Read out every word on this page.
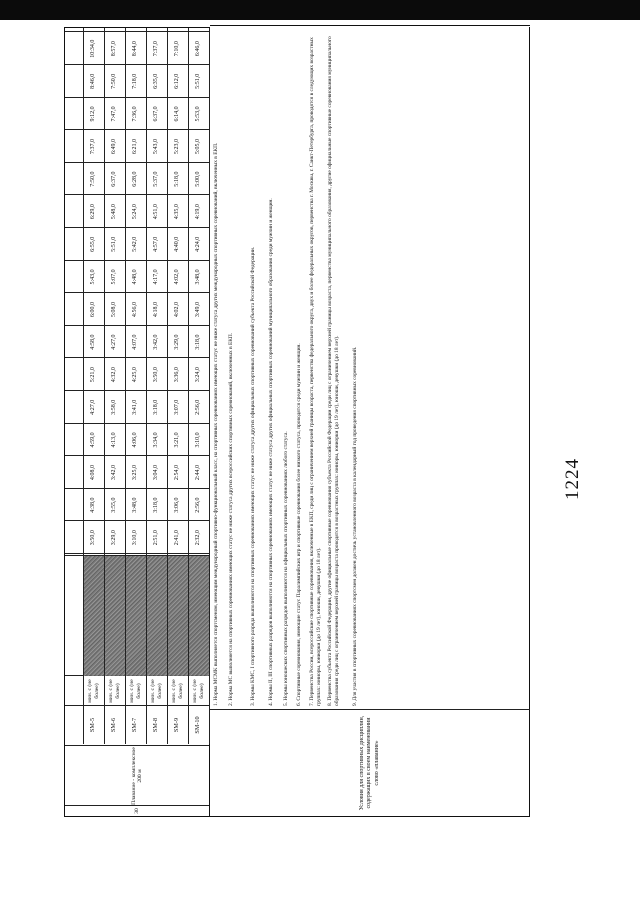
1224
30
Плавание - комплексное 200 м
SM-5
мин. с (не более)
3:50,0
4:38,0
4:08,0
4:59,0
4:27,0
5:21,0
4:58,0
6:00,0
5:43,0
6:55,0
6:29,0
7:50,0
7:37,0
9:12,0
8:46,0
10:34,0
SM-6
мин. с (не более)
3:29,0
3:55,0
3:42,0
4:13,0
3:58,0
4:32,0
4:27,0
5:08,0
5:07,0
5:51,0
5:48,0
6:37,0
6:49,0
7:47,0
7:50,0
8:57,0
SM-7
мин. с (не более)
3:10,0
3:48,0
3:25,0
4:06,0
3:41,0
4:25,0
4:07,0
4:56,0
4:48,0
5:42,0
5:24,0
6:28,0
6:21,0
7:36,0
7:18,0
8:44,0
SM-8
мин. с (не более)
2:51,0
3:18,0
3:04,0
3:34,0
3:18,0
3:50,0
3:42,0
4:18,0
4:17,0
4:57,0
4:51,0
5:37,0
5:43,0
6:37,0
6:35,0
7:37,0
SM-9
мин. с (не более)
2:41,0
3:06,0
2:54,0
3:21,0
3:07,0
3:36,0
3:29,0
4:02,0
4:02,0
4:40,0
4:35,0
5:18,0
5:23,0
6:14,0
6:12,0
7:10,0
SM-10
мин. с (не более)
2:32,0
2:56,0
2:44,0
3:10,0
2:56,0
3:24,0
3:18,0
3:49,0
3:48,0
4:24,0
4:19,0
5:00,0
5:05,0
5:53,0
5:51,0
6:46,0
Условия для спортивных дисциплин, содержащих в своем наименовании слово «плавание»
1. Норма МСМК выполняется спортсменом, имеющим международный спортивно-функциональный класс, на спортивных соревнованиях имеющих статус не ниже статуса других международных спортивных соревнований, включенных в ЕКП. 2. Норма МС выполняется на спортивных соревнованиях имеющих статус не ниже статуса других всероссийских спортивных соревнований, включенных в ЕКП.	3. Нормы КМС, I спортивного разряда выполняются на спортивных соревнованиях имеющих статус не ниже статуса других официальных спортивных соревнований субъекта Российской Федерации. 4. Нормы II, III спортивных разрядов выполняются на спортивных соревнованиях имеющих статус не ниже статуса других официальных спортивных соревнований муниципального образования среди мужчин и женщин. 5. Нормы юношеских спортивных разрядов выполняются на официальных спортивных соревнованиях любого статуса. 6. Спортивные соревнования, имеющие статус Паралимпийских игр и спортивные соревнования более низкого статуса, проводятся среди мужчин и женщин. 7. Первенства России, всероссийские спортивные соревнования, включенные в ЕКП, среди лиц с ограничением верхней границы возраста, первенства федерального округа, двух и более федеральных округов, первенства г. Москвы, г. Санкт-Петербурга, проводятся в следующих возрастных группах: юниоры, юниорки (до 19 лет), юноши, девушки (до 18 лет). 8. Первенства субъекта Российской Федерации, другие официальные спортивные соревнования субъекта Российской Федерации среди лиц с ограничением верхней границы возраста, первенства муниципального образования, другие официальные спортивные соревнования муниципального образования среди лиц с ограничением верхней границы возраста проводятся в возрастных группах: юниоры, юниорки (до 19 лет), юноши, девушки (до 18 лет). 9. Для участия в спортивных соревнованиях спортсмен должен достичь установленного возраста в календарный год проведения спортивных соревнований.
